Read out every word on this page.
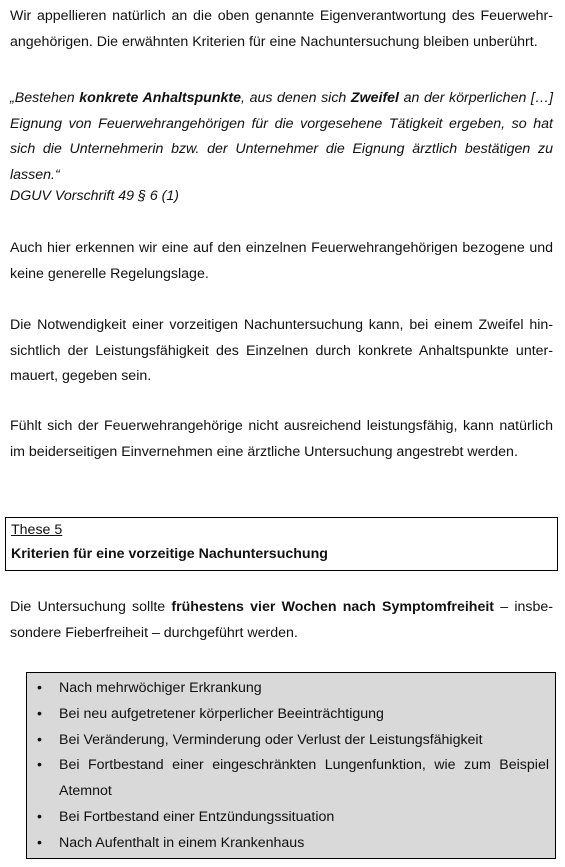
Wir appellieren natürlich an die oben genannte Eigenverantwortung des Feuerwehrangehörigen. Die erwähnten Kriterien für eine Nachuntersuchung bleiben unberührt.

„Bestehen konkrete Anhaltspunkte, aus denen sich Zweifel an der körperlichen […] Eignung von Feuerwehrangehörigen für die vorgesehene Tätigkeit ergeben, so hat sich die Unternehmerin bzw. der Unternehmer die Eignung ärztlich bestätigen zu lassen.“

DGUV Vorschrift 49 § 6 (1)

Auch hier erkennen wir eine auf den einzelnen Feuerwehrangehörigen bezogene und keine generelle Regelungslage.

Die Notwendigkeit einer vorzeitigen Nachuntersuchung kann, bei einem Zweifel hinsichtlich der Leistungsfähigkeit des Einzelnen durch konkrete Anhaltspunkte untermauert, gegeben sein.

Fühlt sich der Feuerwehrangehörige nicht ausreichend leistungsfähig, kann natürlich im beiderseitigen Einvernehmen eine ärztliche Untersuchung angestrebt werden.

These 5
Kriterien für eine vorzeitige Nachuntersuchung

Die Untersuchung sollte frühestens vier Wochen nach Symptomfreiheit – insbesondere Fieberfreiheit – durchgeführt werden.

• Nach mehrwöchiger Erkrankung
• Bei neu aufgetretener körperlicher Beeinträchtigung
• Bei Veränderung, Verminderung oder Verlust der Leistungsfähigkeit
• Bei Fortbestand einer eingeschränkten Lungenfunktion, wie zum Beispiel Atemnot
• Bei Fortbestand einer Entzündungssituation
• Nach Aufenthalt in einem Krankenhaus
